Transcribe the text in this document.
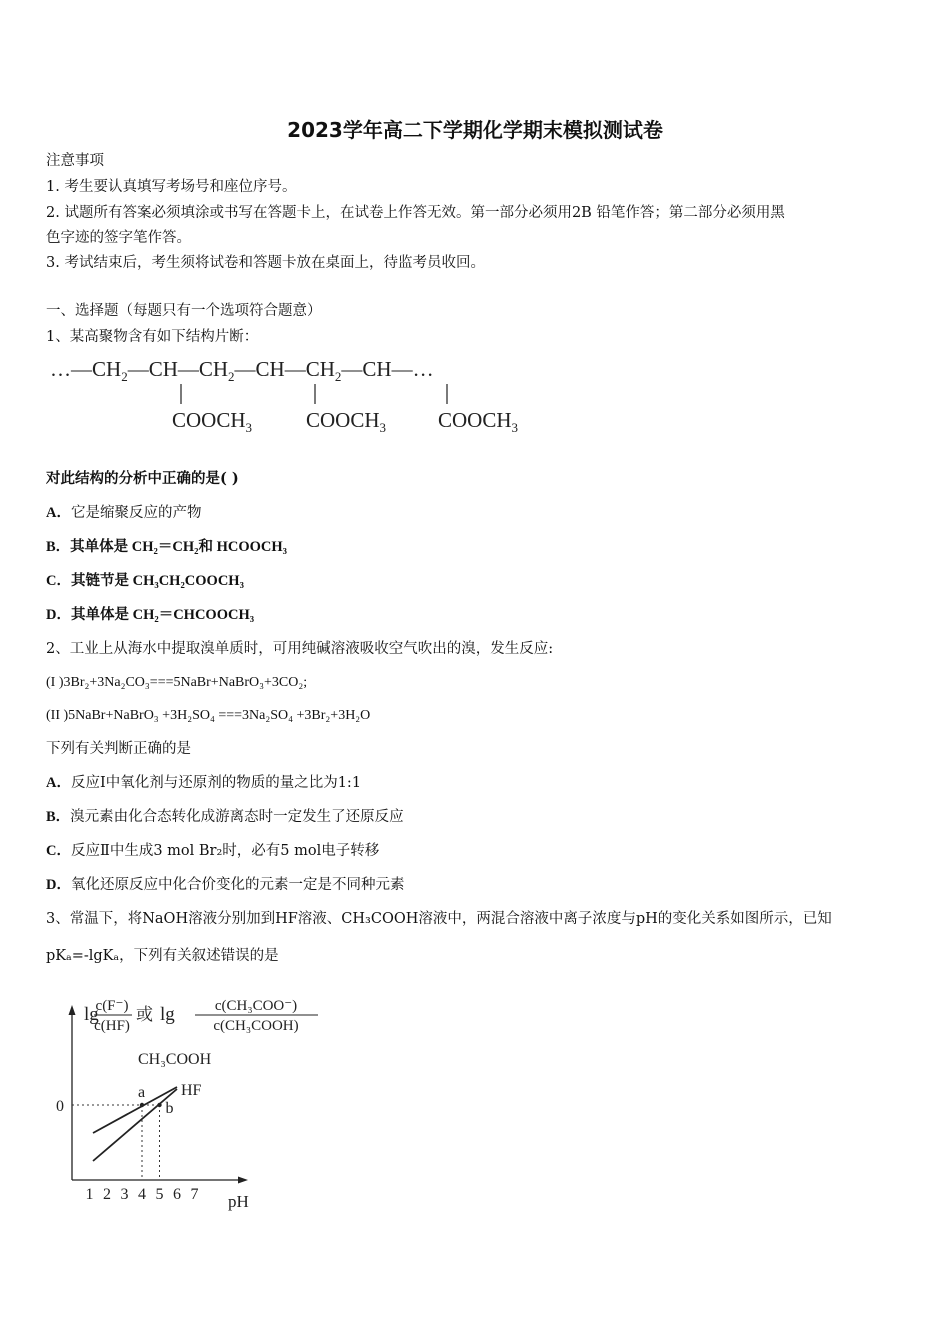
2023学年高二下学期化学期末模拟测试卷
注意事项
1. 考生要认真填写考场号和座位序号。
2. 试题所有答案必须填涂或书写在答题卡上，在试卷上作答无效。第一部分必须用2B 铅笔作答；第二部分必须用黑
色字迹的签字笔作答。
3. 考试结束后，考生须将试卷和答题卡放在桌面上，待监考员收回。
一、选择题（每题只有一个选项符合题意）
1、某高聚物含有如下结构片断：
$\dots—CH_2—CH—CH_2—CH—CH_2—CH—\dots$
$COOCH_3$	$COOCH_3$ $COOCH_3$
对此结构的分析中正确的是( )
A．它是缩聚反应的产物
B．其单体是 CH₂＝CH₂和 HCOOCH₃
C．其链节是 CH₃CH₂COOCH₃
D．其单体是 CH₂＝CHCOOCH₃
2、工业上从海水中提取溴单质时，可用纯碱溶液吸收空气吹出的溴，发生反应:
(I )3Br₂+3Na₂CO₃===5NaBr+NaBrO₃+3CO₂;
(II )5NaBr+NaBrO₃ +3H₂SO₄ ===3Na₂SO₄ +3Br₂+3H₂O
下列有关判断正确的是
A．反应Ⅰ中氧化剂与还原剂的物质的量之比为1:1
B．溴元素由化合态转化成游离态时一定发生了还原反应
C．反应Ⅱ中生成3 mol Br₂时，必有5 mol电子转移
D．氧化还原反应中化合价变化的元素一定是不同种元素
3、常温下，将NaOH溶液分别加到HF溶液、CH₃COOH溶液中，两混合溶液中离子浓度与pH的变化关系如图所示，已知
pKₐ=-lgKₐ，下列有关叙述错误的是
lg
c(F⁻)
c(HF)
或 lg	c(CH₃COO⁻)
c(CH₃COOH)
pH
0
1 2 3 4 5 6 7
CH₃COOH
HF
a
b
